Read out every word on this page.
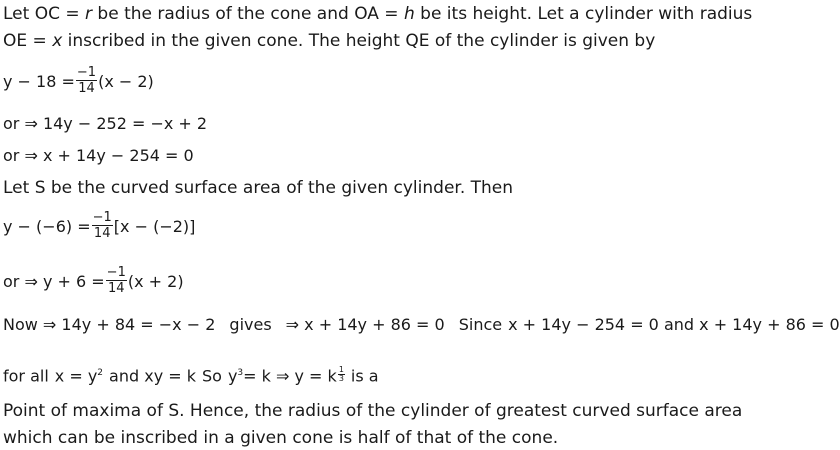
Let OC = r be the radius of the cone and OA = h be its height. Let a cylinder with radius
OE = x inscribed in the given cone. The height QE of the cylinder is given by
$y - 18 = \frac{-1}{14} (x - 2)$
or ⇒ 14y − 252 = −x + 2
or ⇒ x + 14y − 254 = 0
Let S be the curved surface area of the given cylinder. Then
$y - (-6) = \frac{-1}{14} [x - (-2)]$
or ⇒ $y + 6 = \frac{-1}{14} (x + 2)$
Now ⇒ 14y + 84 = −x − 2 gives ⇒ x + 14y + 86 = 0 Since x + 14y − 254 = 0 and x + 14y + 86 = 0
for all $x = y^2$ and xy = k So $y^3= k$ ⇒ y = k $\frac{1}{3}$ is a
Point of maxima of S. Hence, the radius of the cylinder of greatest curved surface area
which can be inscribed in a given cone is half of that of the cone.
